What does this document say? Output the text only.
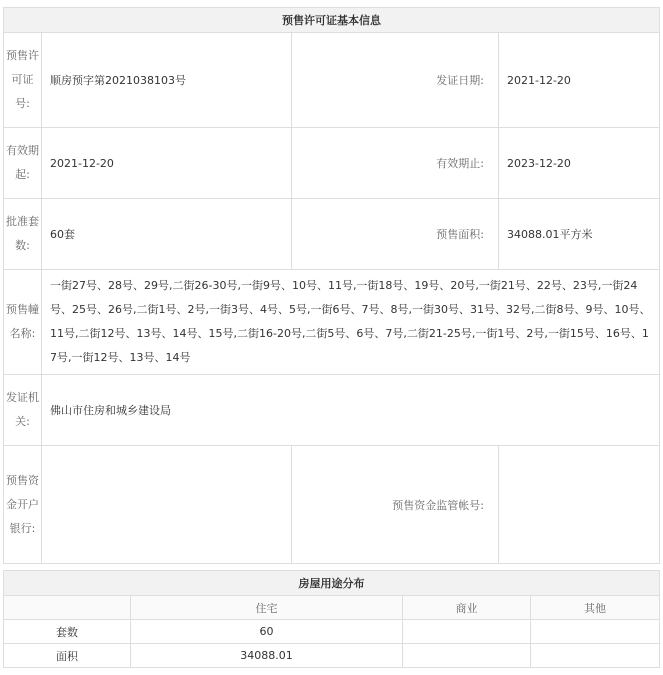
预售许可证基本信息			
预售许可证号:	顺房预字第2021038103号	发证日期:	2021-12-20
有效期起:	2021-12-20	有效期止:	2023-12-20
批准套数:	60套	预售面积:	34088.01平方米
预售幢名称:	一街27号、28号、29号,二街26-30号,一街9号、10号、11号,一街18号、19号、20号,一街21号、22号、23号,一街24号、25号、26号,二街1号、2号,一街3号、4号、5号,一街6号、7号、8号,一街30号、31号、32号,二街8号、9号、10号、11号,二街12号、13号、14号、15号,二街16-20号,二街5号、6号、7号,二街21-25号,一街1号、2号,一街15号、16号、17号,一街12号、13号、14号		
发证机关:	佛山市住房和城乡建设局		
预售资金开户银行:		预售资金监管帐号:	
房屋用途分布			
	住宅	商业	其他
套数	60		
面积	34088.01		
